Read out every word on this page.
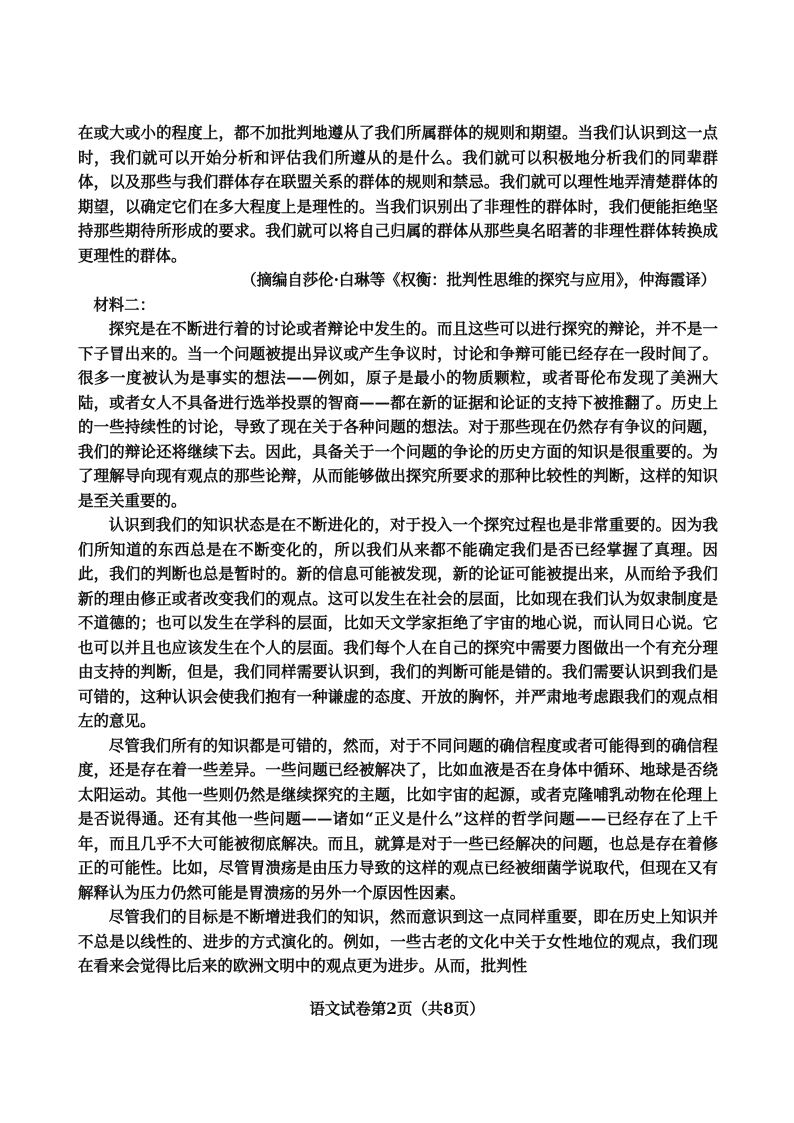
在或大或小的程度上，都不加批判地遵从了我们所属群体的规则和期望。当我们认识到这一点时，我们就可以开始分析和评估我们所遵从的是什么。我们就可以积极地分析我们的同辈群体，以及那些与我们群体存在联盟关系的群体的规则和禁忌。我们就可以理性地弄清楚群体的期望，以确定它们在多大程度上是理性的。当我们识别出了非理性的群体时，我们便能拒绝坚持那些期待所形成的要求。我们就可以将自己归属的群体从那些臭名昭著的非理性群体转换成更理性的群体。

（摘编自莎伦·白琳等《权衡：批判性思维的探究与应用》，仲海霞译）

材料二：

探究是在不断进行着的讨论或者辩论中发生的。而且这些可以进行探究的辩论，并不是一下子冒出来的。当一个问题被提出异议或产生争议时，讨论和争辩可能已经存在一段时间了。很多一度被认为是事实的想法——例如，原子是最小的物质颗粒，或者哥伦布发现了美洲大陆，或者女人不具备进行选举投票的智商——都在新的证据和论证的支持下被推翻了。历史上的一些持续性的讨论，导致了现在关于各种问题的想法。对于那些现在仍然存有争议的问题，我们的辩论还将继续下去。因此，具备关于一个问题的争论的历史方面的知识是很重要的。为了理解导向现有观点的那些论辩，从而能够做出探究所要求的那种比较性的判断，这样的知识是至关重要的。

认识到我们的知识状态是在不断进化的，对于投入一个探究过程也是非常重要的。因为我们所知道的东西总是在不断变化的，所以我们从来都不能确定我们是否已经掌握了真理。因此，我们的判断也总是暂时的。新的信息可能被发现，新的论证可能被提出来，从而给予我们新的理由修正或者改变我们的观点。这可以发生在社会的层面，比如现在我们认为奴隶制度是不道德的；也可以发生在学科的层面，比如天文学家拒绝了宇宙的地心说，而认同日心说。它也可以并且也应该发生在个人的层面。我们每个人在自己的探究中需要力图做出一个有充分理由支持的判断，但是，我们同样需要认识到，我们的判断可能是错的。我们需要认识到我们是可错的，这种认识会使我们抱有一种谦虚的态度、开放的胸怀，并严肃地考虑跟我们的观点相左的意见。

尽管我们所有的知识都是可错的，然而，对于不同问题的确信程度或者可能得到的确信程度，还是存在着一些差异。一些问题已经被解决了，比如血液是否在身体中循环、地球是否绕太阳运动。其他一些则仍然是继续探究的主题，比如宇宙的起源，或者克隆哺乳动物在伦理上是否说得通。还有其他一些问题——诸如“正义是什么”这样的哲学问题——已经存在了上千年，而且几乎不大可能被彻底解决。而且，就算是对于一些已经解决的问题，也总是存在着修正的可能性。比如，尽管胃溃疡是由压力导致的这样的观点已经被细菌学说取代，但现在又有解释认为压力仍然可能是胃溃疡的另外一个原因性因素。

尽管我们的目标是不断增进我们的知识，然而意识到这一点同样重要，即在历史上知识并不总是以线性的、进步的方式演化的。例如，一些古老的文化中关于女性地位的观点，我们现在看来会觉得比后来的欧洲文明中的观点更为进步。从而，批判性

语文试卷第2页（共8页）
